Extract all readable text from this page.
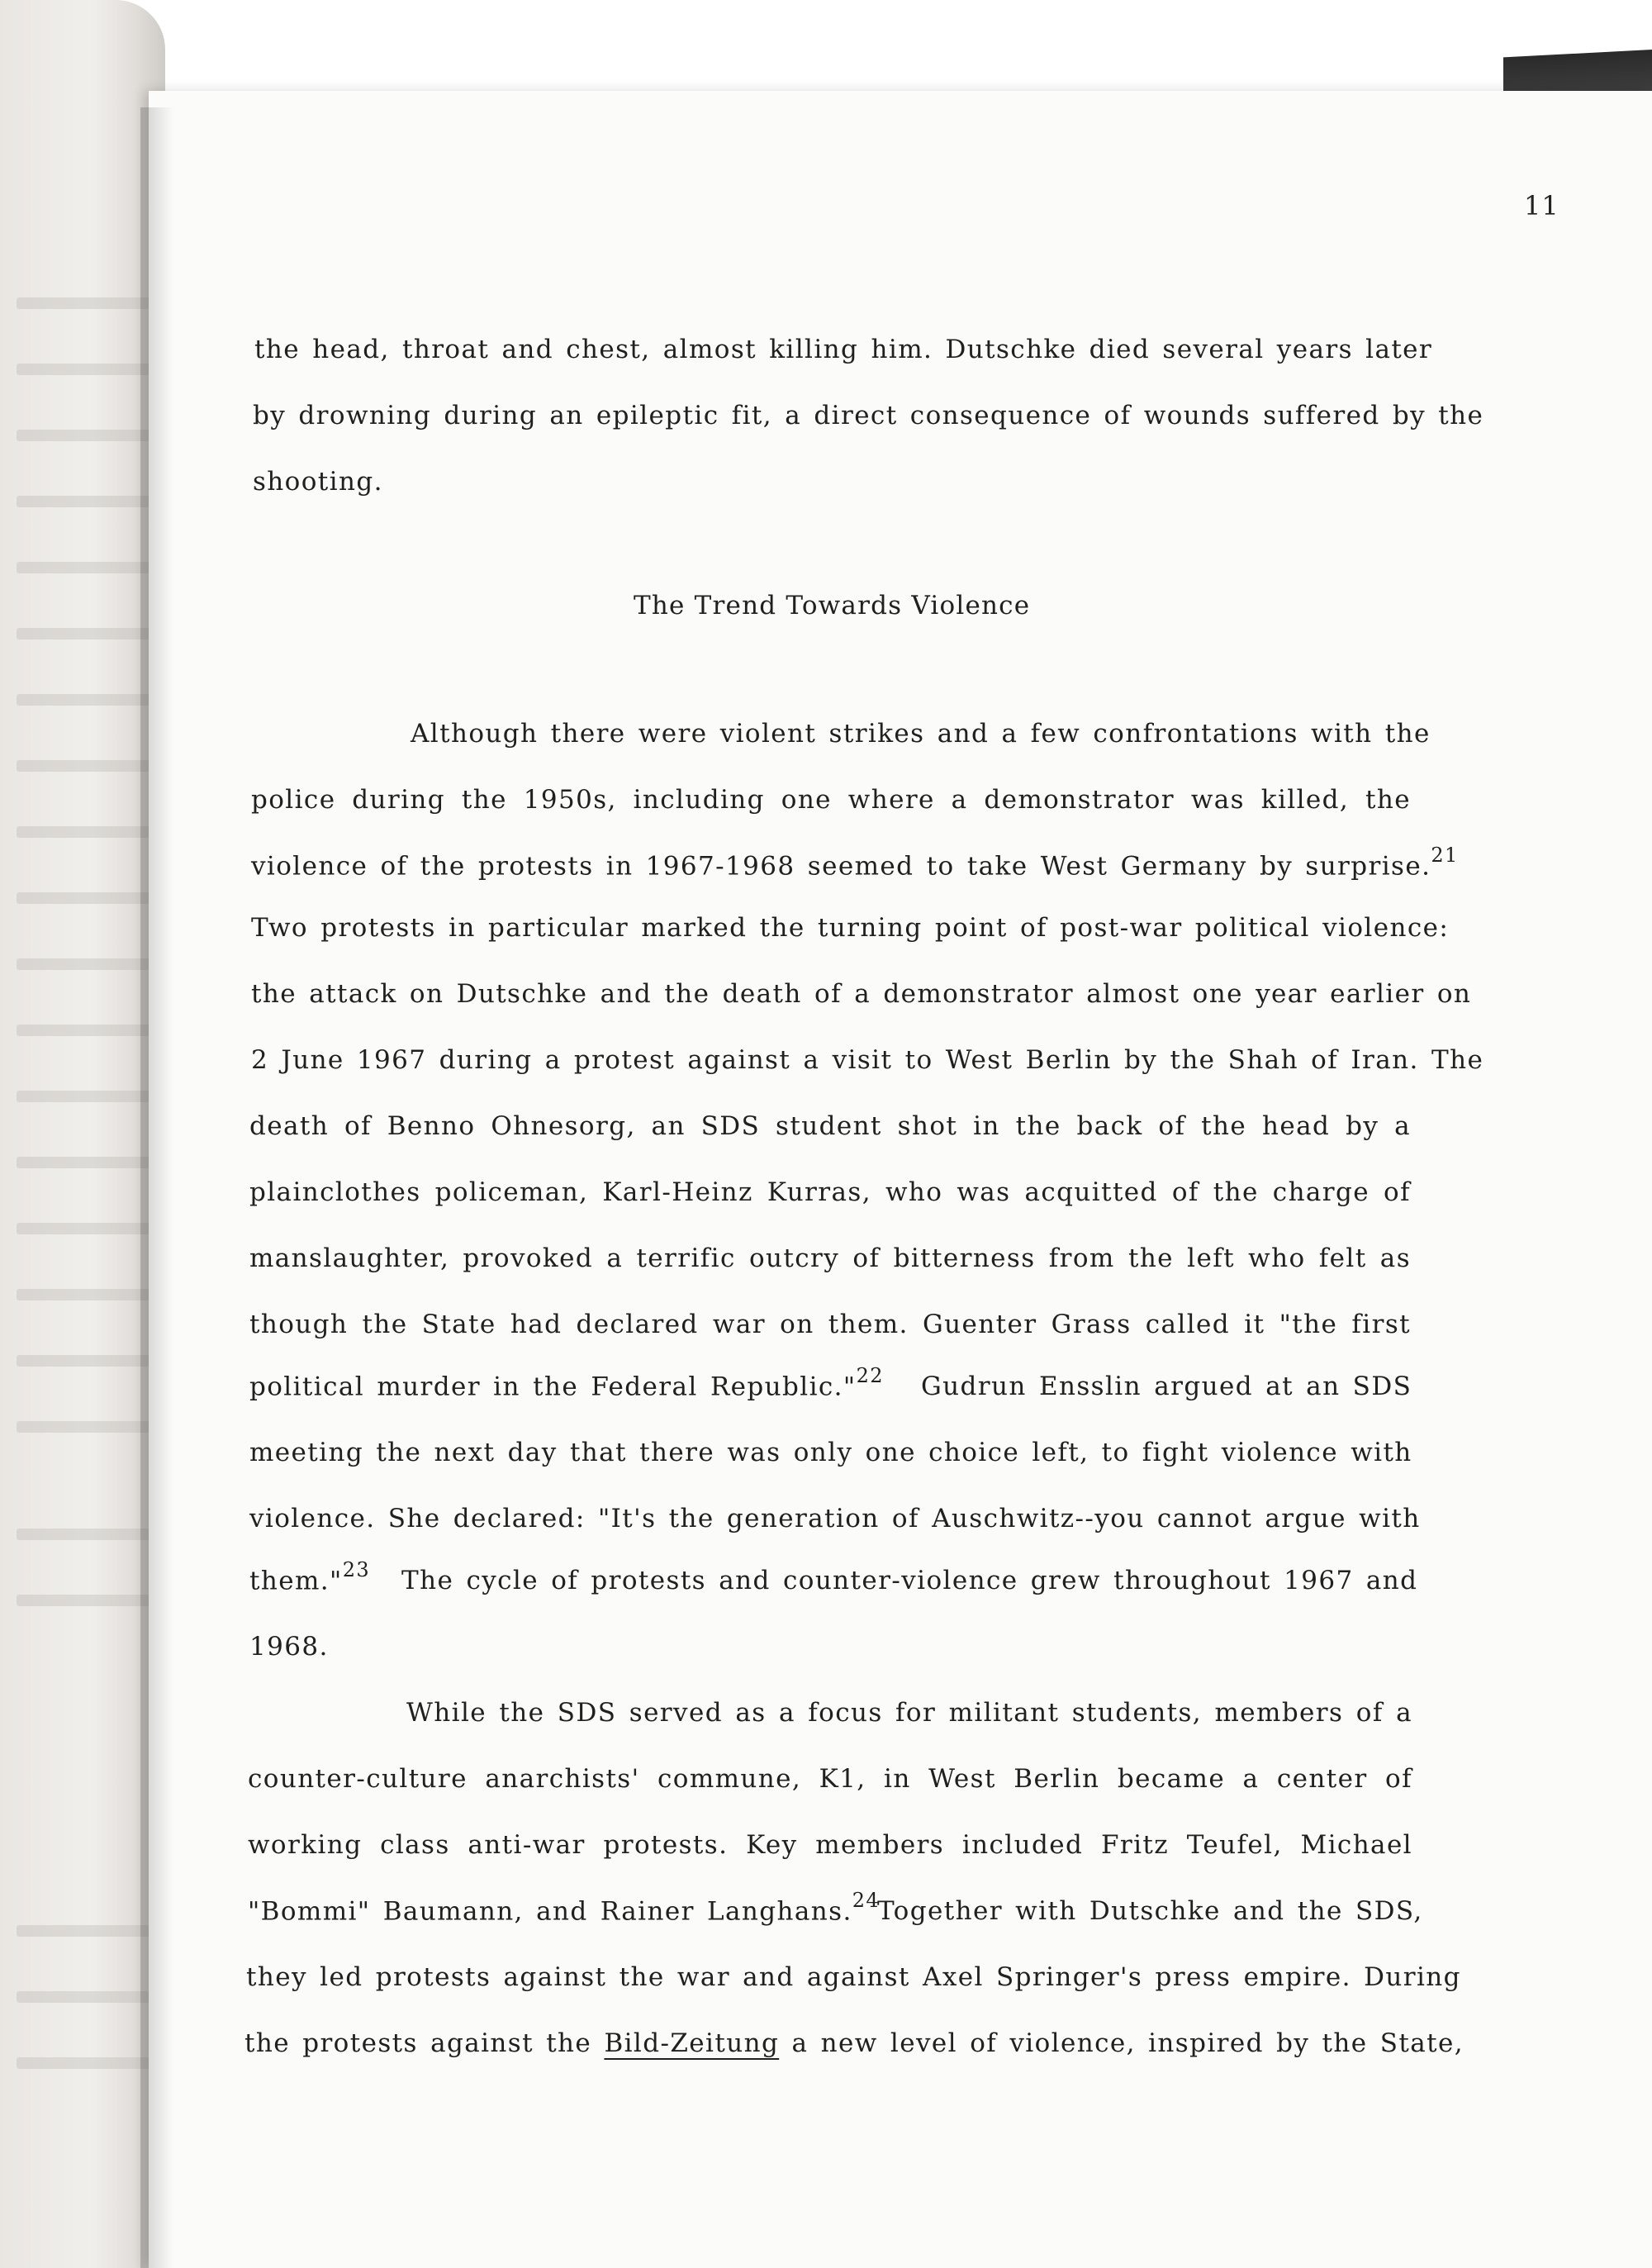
11
the head, throat and chest, almost killing him. Dutschke died several years later
by drowning during an epileptic fit, a direct consequence of wounds suffered by the
shooting.
The Trend Towards Violence
Although there were violent strikes and a few confrontations with the
police during the 1950s, including one where a demonstrator was killed, the
violence of the protests in 1967-1968 seemed to take West Germany by surprise.$^{21}$
Two protests in particular marked the turning point of post-war political violence:
the attack on Dutschke and the death of a demonstrator almost one year earlier on
2 June 1967 during a protest against a visit to West Berlin by the Shah of Iran. The
death of Benno Ohnesorg, an SDS student shot in the back of the head by a
plainclothes policeman, Karl-Heinz Kurras, who was acquitted of the charge of
manslaughter, provoked a terrific outcry of bitterness from the left who felt as
though the State had declared war on them. Guenter Grass called it "the first
political murder in the Federal Republic."$^{22}$ Gudrun Ensslin argued at an SDS
meeting the next day that there was only one choice left, to fight violence with
violence. She declared: "It's the generation of Auschwitz--you cannot argue with
them."$^{23}$ The cycle of protests and counter-violence grew throughout 1967 and
1968.
While the SDS served as a focus for militant students, members of a
counter-culture anarchists' commune, K1, in West Berlin became a center of
working class anti-war protests. Key members included Fritz Teufel, Michael
"Bommi" Baumann, and Rainer Langhans.$^{24}$
Together with Dutschke and the SDS,
they led protests against the war and against Axel Springer's press empire. During
the protests against the Bild-Zeitung a new level of violence, inspired by the State,
